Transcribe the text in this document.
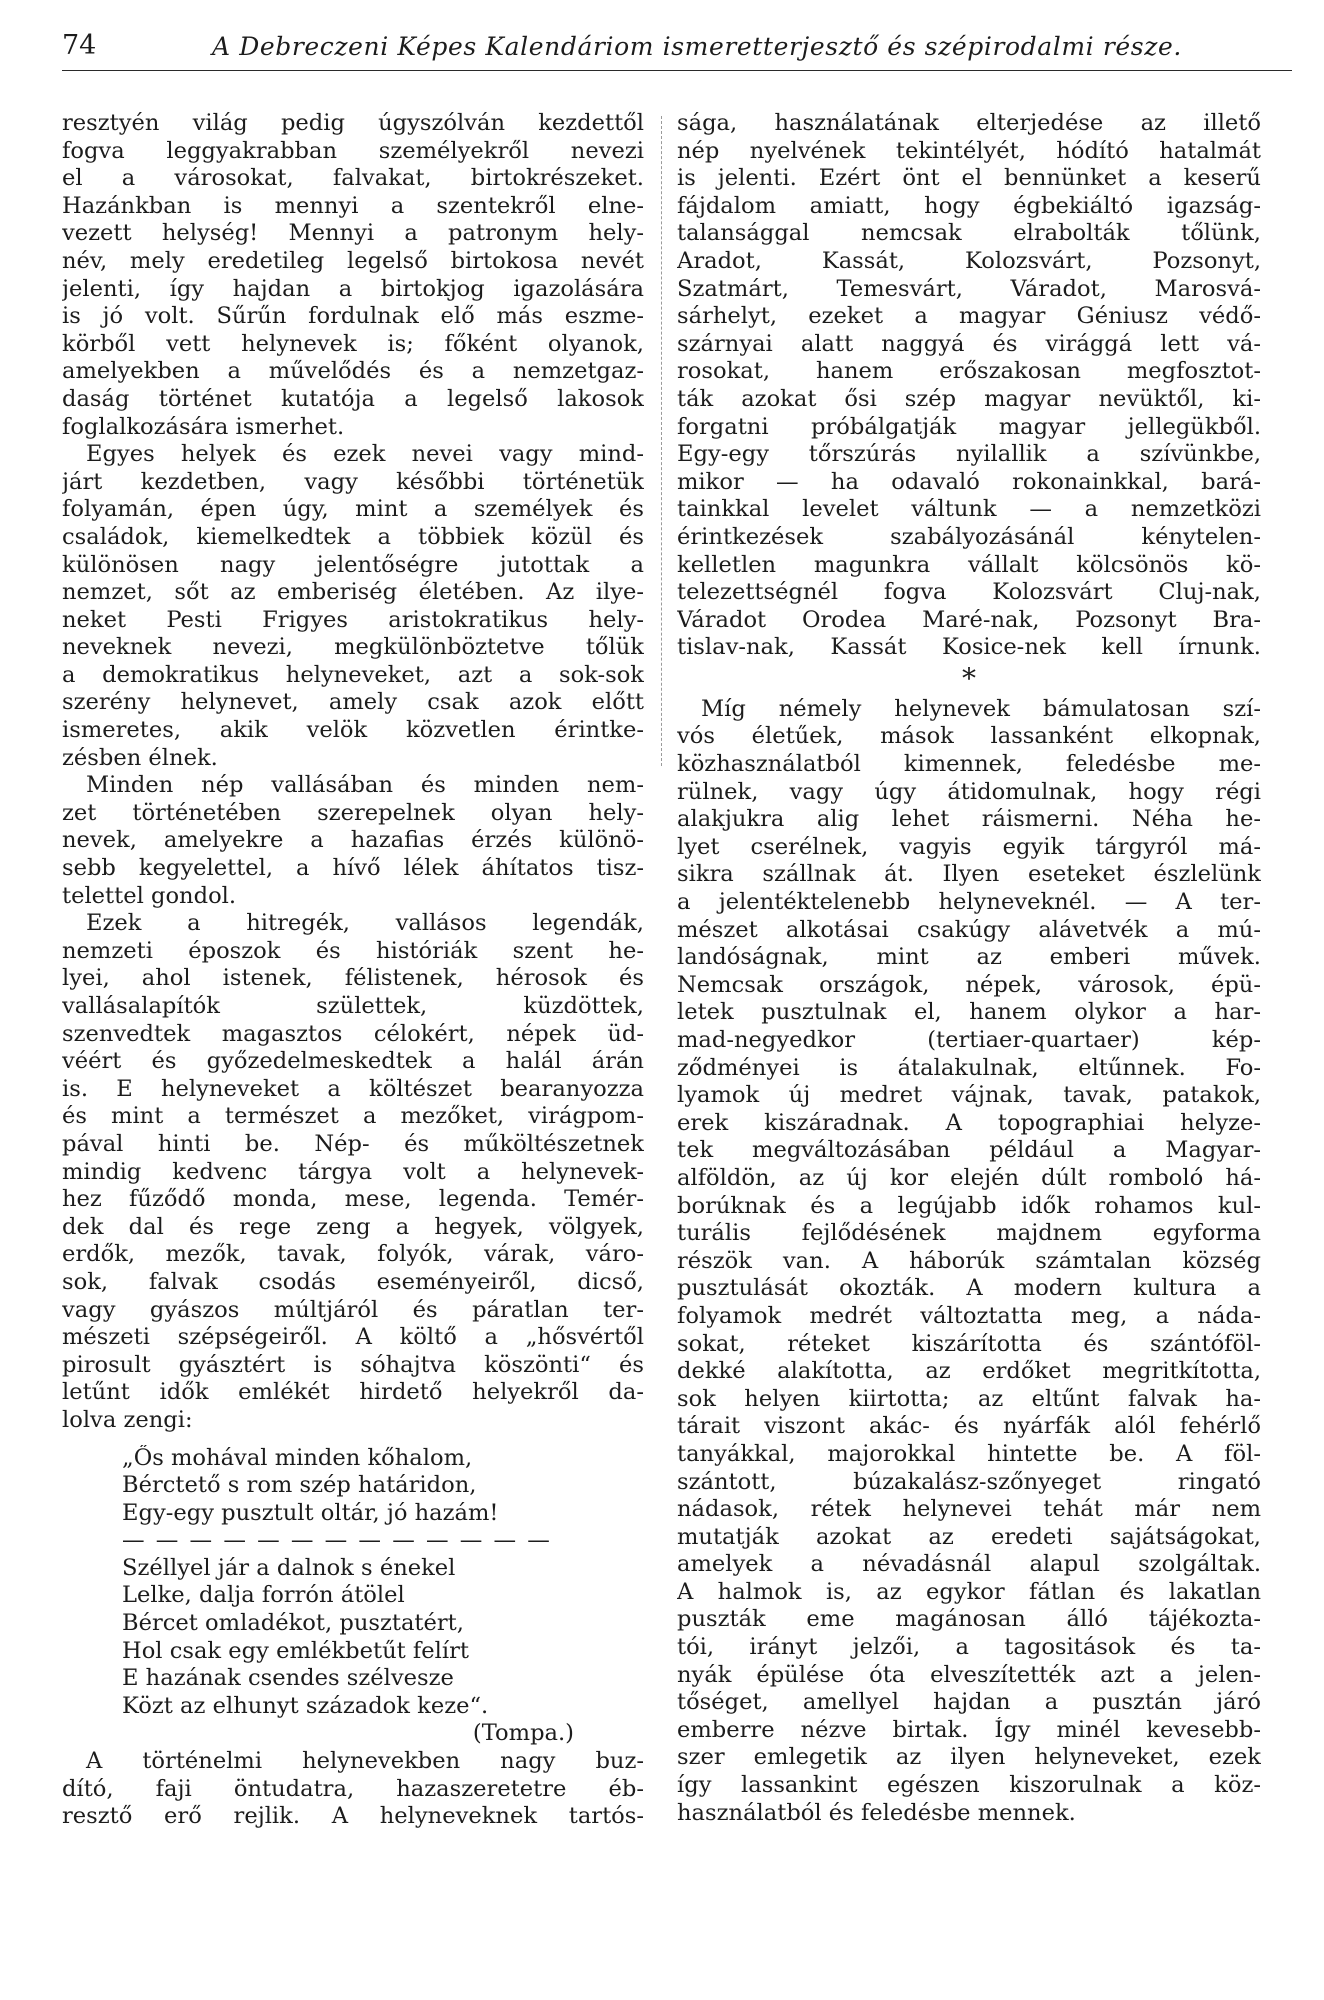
74	A Debreczeni Képes Kalendáriom ismeretterjesztő és szépirodalmi része.
resztyén világ pedig úgyszólván kezdettől
fogva leggyakrabban személyekről nevezi
el a városokat, falvakat, birtokrészeket.
Hazánkban is mennyi a szentekről elne-
vezett helység! Mennyi a patronym hely-
név, mely eredetileg legelső birtokosa nevét
jelenti, így hajdan a birtokjog igazolására
is jó volt. Sűrűn fordulnak elő más eszme-
körből vett helynevek is; főként olyanok,
amelyekben a művelődés és a nemzetgaz-
daság történet kutatója a legelső lakosok
foglalkozására ismerhet.
Egyes helyek és ezek nevei vagy mind-
járt kezdetben, vagy későbbi történetük
folyamán, épen úgy, mint a személyek és
családok, kiemelkedtek a többiek közül és
különösen nagy jelentőségre jutottak a
nemzet, sőt az emberiség életében. Az ilye-
neket Pesti Frigyes aristokratikus hely-
neveknek nevezi, megkülönböztetve tőlük
a demokratikus helyneveket, azt a sok-sok
szerény helynevet, amely csak azok előtt
ismeretes, akik velök közvetlen érintke-
zésben élnek.
Minden nép vallásában és minden nem-
zet történetében szerepelnek olyan hely-
nevek, amelyekre a hazafias érzés különö-
sebb kegyelettel, a hívő lélek áhítatos tisz-
telettel gondol.
Ezek a hitregék, vallásos legendák,
nemzeti époszok és históriák szent he-
lyei, ahol istenek, félistenek, hérosok és
vallásalapítók születtek, küzdöttek,
szenvedtek magasztos célokért, népek üd-
véért és győzedelmeskedtek a halál árán
is. E helyneveket a költészet bearanyozza
és mint a természet a mezőket, virágpom-
pával hinti be. Nép- és műköltészetnek
mindig kedvenc tárgya volt a helynevek-
hez fűződő monda, mese, legenda. Temér-
dek dal és rege zeng a hegyek, völgyek,
erdők, mezők, tavak, folyók, várak, váro-
sok, falvak csodás eseményeiről, dicső,
vagy gyászos múltjáról és páratlan ter-
mészeti szépségeiről. A költő a „hősvértől
pirosult gyásztért is sóhajtva köszönti“ és
letűnt idők emlékét hirdető helyekről da-
lolva zengi:
„Ős mohával minden kőhalom,
Bérctető s rom szép határidon,
Egy-egy pusztult oltár, jó hazám!
— — — — — — — — — — — — —
Széllyel jár a dalnok s énekel
Lelke, dalja forrón átölel
Bércet omladékot, pusztatért,
Hol csak egy emlékbetűt felírt
E hazának csendes szélvesze
Közt az elhunyt századok keze“.
(Tompa.)
A történelmi helynevekben nagy buz-
dító, faji öntudatra, hazaszeretetre éb-
resztő erő rejlik. A helyneveknek tartós-
sága, használatának elterjedése az illető
nép nyelvének tekintélyét, hódító hatalmát
is jelenti. Ezért önt el bennünket a keserű
fájdalom amiatt, hogy égbekiáltó igazság-
talansággal nemcsak elrabolták tőlünk,
Aradot, Kassát, Kolozsvárt, Pozsonyt,
Szatmárt, Temesvárt, Váradot, Marosvá-
sárhelyt, ezeket a magyar Géniusz védő-
szárnyai alatt naggyá és virággá lett vá-
rosokat, hanem erőszakosan megfosztot-
ták azokat ősi szép magyar nevüktől, ki-
forgatni próbálgatják magyar jellegükből.
Egy-egy tőrszúrás nyilallik a szívünkbe,
mikor — ha odavaló rokonainkkal, bará-
tainkkal levelet váltunk — a nemzetközi
érintkezések szabályozásánál kénytelen-
kelletlen magunkra vállalt kölcsönös kö-
telezettségnél fogva Kolozsvárt Cluj-nak,
Váradot Orodea Maré-nak, Pozsonyt Bra-
tislav-nak, Kassát Kosice-nek kell írnunk.
*
Míg némely helynevek bámulatosan szí-
vós életűek, mások lassanként elkopnak,
közhasználatból kimennek, feledésbe me-
rülnek, vagy úgy átidomulnak, hogy régi
alakjukra alig lehet ráismerni. Néha he-
lyet cserélnek, vagyis egyik tárgyról má-
sikra szállnak át. Ilyen eseteket észlelünk
a jelentéktelenebb helyneveknél. — A ter-
mészet alkotásai csakúgy alávetvék a mú-
landóságnak, mint az emberi művek.
Nemcsak országok, népek, városok, épü-
letek pusztulnak el, hanem olykor a har-
mad-negyedkor (tertiaer-quartaer) kép-
ződményei is átalakulnak, eltűnnek. Fo-
lyamok új medret vájnak, tavak, patakok,
erek kiszáradnak. A topographiai helyze-
tek megváltozásában például a Magyar-
alföldön, az új kor elején dúlt romboló há-
borúknak és a legújabb idők rohamos kul-
turális fejlődésének majdnem egyforma
részök van. A háborúk számtalan község
pusztulását okozták. A modern kultura a
folyamok medrét változtatta meg, a náda-
sokat, réteket kiszárította és szántóföl-
dekké alakította, az erdőket megritkította,
sok helyen kiirtotta; az eltűnt falvak ha-
tárait viszont akác- és nyárfák alól fehérlő
tanyákkal, majorokkal hintette be. A föl-
szántott, búzakalász-szőnyeget ringató
nádasok, rétek helynevei tehát már nem
mutatják azokat az eredeti sajátságokat,
amelyek a névadásnál alapul szolgáltak.
A halmok is, az egykor fátlan és lakatlan
puszták eme magánosan álló tájékozta-
tói, irányt jelzői, a tagositások és ta-
nyák épülése óta elveszítették azt a jelen-
tőséget, amellyel hajdan a pusztán járó
emberre nézve birtak. Így minél kevesebb-
szer emlegetik az ilyen helyneveket, ezek
így lassankint egészen kiszorulnak a köz-
használatból és feledésbe mennek.
